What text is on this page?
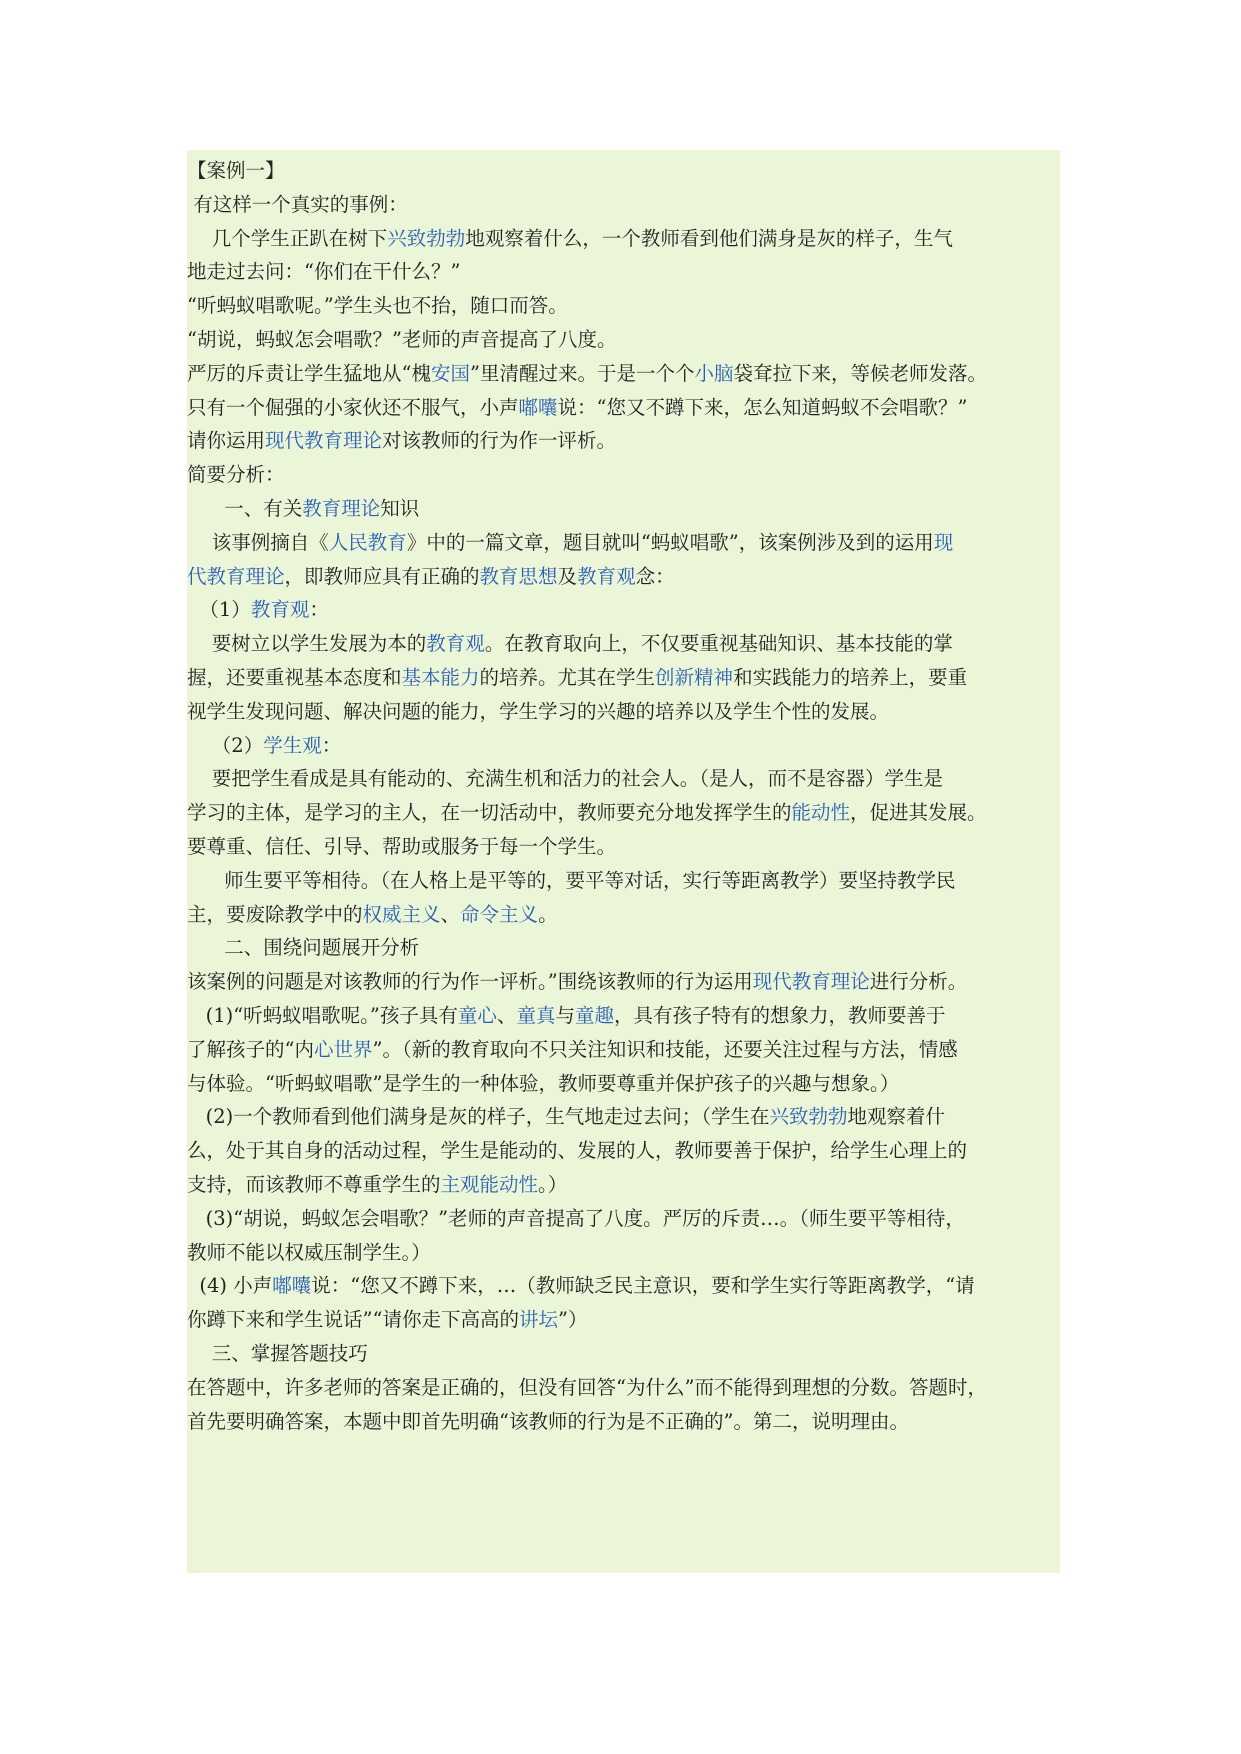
【案例一】
有这样一个真实的事例：
几个学生正趴在树下兴致勃勃地观察着什么，一个教师看到他们满身是灰的样子，生气
地走过去问：“你们在干什么？”
“听蚂蚁唱歌呢。”学生头也不抬，随口而答。
“胡说，蚂蚁怎会唱歌？”老师的声音提高了八度。
严厉的斥责让学生猛地从“槐安国”里清醒过来。于是一个个小脑袋耷拉下来，等候老师发落。
只有一个倔强的小家伙还不服气，小声嘟囔说：“您又不蹲下来，怎么知道蚂蚁不会唱歌？”
请你运用现代教育理论对该教师的行为作一评析。
简要分析：
一、有关教育理论知识
该事例摘自《人民教育》中的一篇文章，题目就叫“蚂蚁唱歌”，该案例涉及到的运用现
代教育理论，即教师应具有正确的教育思想及教育观念：
（1）教育观：
要树立以学生发展为本的教育观。在教育取向上，不仅要重视基础知识、基本技能的掌
握，还要重视基本态度和基本能力的培养。尤其在学生创新精神和实践能力的培养上，要重
视学生发现问题、解决问题的能力，学生学习的兴趣的培养以及学生个性的发展。
（2）学生观：
要把学生看成是具有能动的、充满生机和活力的社会人。（是人，而不是容器）学生是
学习的主体，是学习的主人，在一切活动中，教师要充分地发挥学生的能动性，促进其发展。
要尊重、信任、引导、帮助或服务于每一个学生。
师生要平等相待。（在人格上是平等的，要平等对话，实行等距离教学）要坚持教学民
主，要废除教学中的权威主义、命令主义。
二、围绕问题展开分析
该案例的问题是对该教师的行为作一评析。”围绕该教师的行为运用现代教育理论进行分析。
(1)“听蚂蚁唱歌呢。”孩子具有童心、童真与童趣，具有孩子特有的想象力，教师要善于
了解孩子的“内心世界”。（新的教育取向不只关注知识和技能，还要关注过程与方法，情感
与体验。“听蚂蚁唱歌”是学生的一种体验，教师要尊重并保护孩子的兴趣与想象。）
(2)一个教师看到他们满身是灰的样子，生气地走过去问；（学生在兴致勃勃地观察着什
么，处于其自身的活动过程，学生是能动的、发展的人，教师要善于保护，给学生心理上的
支持，而该教师不尊重学生的主观能动性。）
(3)“胡说，蚂蚁怎会唱歌？”老师的声音提高了八度。严厉的斥责…。（师生要平等相待，
教师不能以权威压制学生。）
(4) 小声嘟囔说：“您又不蹲下来，…（教师缺乏民主意识，要和学生实行等距离教学，“请
你蹲下来和学生说话”“请你走下高高的讲坛”）
三、掌握答题技巧
在答题中，许多老师的答案是正确的，但没有回答“为什么”而不能得到理想的分数。答题时，
首先要明确答案，本题中即首先明确“该教师的行为是不正确的”。第二，说明理由。
